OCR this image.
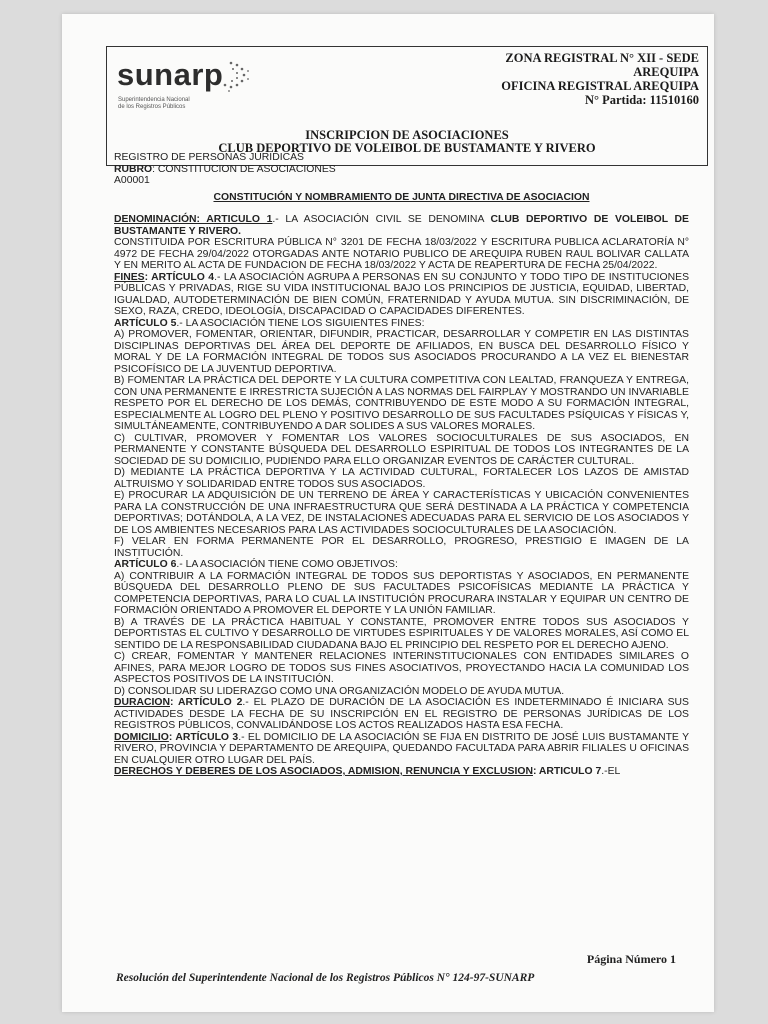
sunarp
Superintendencia Nacional
de los Registros Públicos
ZONA REGISTRAL N° XII - SEDE
AREQUIPA
OFICINA REGISTRAL AREQUIPA
N° Partida: 11510160
INSCRIPCION DE ASOCIACIONES
CLUB DEPORTIVO DE VOLEIBOL DE BUSTAMANTE Y RIVERO

REGISTRO DE PERSONAS JURIDICAS

RUBRO: CONSTITUCION DE ASOCIACIONES

A00001

CONSTITUCIÓN Y NOMBRAMIENTO DE JUNTA DIRECTIVA DE ASOCIACION

DENOMINACIÓN: ARTICULO 1.- LA ASOCIACIÓN CIVIL SE DENOMINA CLUB DEPORTIVO DE VOLEIBOL DE BUSTAMANTE Y RIVERO.

CONSTITUIDA POR ESCRITURA PÚBLICA N° 3201 DE FECHA 18/03/2022 Y ESCRITURA PUBLICA ACLARATORÍA N° 4972 DE FECHA 29/04/2022 OTORGADAS ANTE NOTARIO PUBLICO DE AREQUIPA RUBEN RAUL BOLIVAR CALLATA Y EN MERITO AL ACTA DE FUNDACION DE FECHA 18/03/2022 Y ACTA DE REAPERTURA DE FECHA 25/04/2022.

FINES: ARTÍCULO 4.- LA ASOCIACIÓN AGRUPA A PERSONAS EN SU CONJUNTO Y TODO TIPO DE INSTITUCIONES PÚBLICAS Y PRIVADAS, RIGE SU VIDA INSTITUCIONAL BAJO LOS PRINCIPIOS DE JUSTICIA, EQUIDAD, LIBERTAD, IGUALDAD, AUTODETERMINACIÓN DE BIEN COMÚN, FRATERNIDAD Y AYUDA MUTUA. SIN DISCRIMINACIÓN, DE SEXO, RAZA, CREDO, IDEOLOGÍA, DISCAPACIDAD O CAPACIDADES DIFERENTES.

ARTÍCULO 5.- LA ASOCIACIÓN TIENE LOS SIGUIENTES FINES:

A) PROMOVER, FOMENTAR, ORIENTAR, DIFUNDIR, PRACTICAR, DESARROLLAR Y COMPETIR EN LAS DISTINTAS DISCIPLINAS DEPORTIVAS DEL ÁREA DEL DEPORTE DE AFILIADOS, EN BUSCA DEL DESARROLLO FÍSICO Y MORAL Y DE LA FORMACIÓN INTEGRAL DE TODOS SUS ASOCIADOS PROCURANDO A LA VEZ EL BIENESTAR PSICOFÍSICO DE LA JUVENTUD DEPORTIVA.

B) FOMENTAR LA PRÁCTICA DEL DEPORTE Y LA CULTURA COMPETITIVA CON LEALTAD, FRANQUEZA Y ENTREGA, CON UNA PERMANENTE E IRRESTRICTA SUJECIÓN A LAS NORMAS DEL FAIRPLAY Y MOSTRANDO UN INVARIABLE RESPETO POR EL DERECHO DE LOS DEMÁS, CONTRIBUYENDO DE ESTE MODO A SU FORMACIÓN INTEGRAL, ESPECIALMENTE AL LOGRO DEL PLENO Y POSITIVO DESARROLLO DE SUS FACULTADES PSÍQUICAS Y FÍSICAS Y, SIMULTÁNEAMENTE, CONTRIBUYENDO A DAR SOLIDES A SUS VALORES MORALES.

C) CULTIVAR, PROMOVER Y FOMENTAR LOS VALORES SOCIOCULTURALES DE SUS ASOCIADOS, EN PERMANENTE Y CONSTANTE BÚSQUEDA DEL DESARROLLO ESPIRITUAL DE TODOS LOS INTEGRANTES DE LA SOCIEDAD DE SU DOMICILIO, PUDIENDO PARA ELLO ORGANIZAR EVENTOS DE CARÁCTER CULTURAL.

D) MEDIANTE LA PRÁCTICA DEPORTIVA Y LA ACTIVIDAD CULTURAL, FORTALECER LOS LAZOS DE AMISTAD ALTRUISMO Y SOLIDARIDAD ENTRE TODOS SUS ASOCIADOS.

E) PROCURAR LA ADQUISICIÓN DE UN TERRENO DE ÁREA Y CARACTERÍSTICAS Y UBICACIÓN CONVENIENTES PARA LA CONSTRUCCIÓN DE UNA INFRAESTRUCTURA QUE SERÁ DESTINADA A LA PRÁCTICA Y COMPETENCIA DEPORTIVAS; DOTÁNDOLA, A LA VEZ, DE INSTALACIONES ADECUADAS PARA EL SERVICIO DE LOS ASOCIADOS Y DE LOS AMBIENTES NECESARIOS PARA LAS ACTIVIDADES SOCIOCULTURALES DE LA ASOCIACIÓN.

F) VELAR EN FORMA PERMANENTE POR EL DESARROLLO, PROGRESO, PRESTIGIO E IMAGEN DE LA INSTITUCIÓN.

ARTÍCULO 6.- LA ASOCIACIÓN TIENE COMO OBJETIVOS:

A) CONTRIBUIR A LA FORMACIÓN INTEGRAL DE TODOS SUS DEPORTISTAS Y ASOCIADOS, EN PERMANENTE BÚSQUEDA DEL DESARROLLO PLENO DE SUS FACULTADES PSICOFÍSICAS MEDIANTE LA PRÁCTICA Y COMPETENCIA DEPORTIVAS, PARA LO CUAL LA INSTITUCIÓN PROCURARA INSTALAR Y EQUIPAR UN CENTRO DE FORMACIÓN ORIENTADO A PROMOVER EL DEPORTE Y LA UNIÓN FAMILIAR.

B) A TRAVÉS DE LA PRÁCTICA HABITUAL Y CONSTANTE, PROMOVER ENTRE TODOS SUS ASOCIADOS Y DEPORTISTAS EL CULTIVO Y DESARROLLO DE VIRTUDES ESPIRITUALES Y DE VALORES MORALES, ASÍ COMO EL SENTIDO DE LA RESPONSABILIDAD CIUDADANA BAJO EL PRINCIPIO DEL RESPETO POR EL DERECHO AJENO.

C) CREAR, FOMENTAR Y MANTENER RELACIONES INTERINSTITUCIONALES CON ENTIDADES SIMILARES O AFINES, PARA MEJOR LOGRO DE TODOS SUS FINES ASOCIATIVOS, PROYECTANDO HACIA LA COMUNIDAD LOS ASPECTOS POSITIVOS DE LA INSTITUCIÓN.

D) CONSOLIDAR SU LIDERAZGO COMO UNA ORGANIZACIÓN MODELO DE AYUDA MUTUA.

DURACION: ARTÍCULO 2.- EL PLAZO DE DURACIÓN DE LA ASOCIACIÓN ES INDETERMINADO É INICIARA SUS ACTIVIDADES DESDE LA FECHA DE SU INSCRIPCIÓN EN EL REGISTRO DE PERSONAS JURÍDICAS DE LOS REGISTROS PÚBLICOS, CONVALIDÁNDOSE LOS ACTOS REALIZADOS HASTA ESA FECHA.

DOMICILIO: ARTÍCULO 3.- EL DOMICILIO DE LA ASOCIACIÓN SE FIJA EN DISTRITO DE JOSÉ LUIS BUSTAMANTE Y RIVERO, PROVINCIA Y DEPARTAMENTO DE AREQUIPA, QUEDANDO FACULTADA PARA ABRIR FILIALES U OFICINAS EN CUALQUIER OTRO LUGAR DEL PAÍS.

DERECHOS Y DEBERES DE LOS ASOCIADOS, ADMISION, RENUNCIA Y EXCLUSION: ARTICULO 7.-EL

Página Número 1
Resolución del Superintendente Nacional de los Registros Públicos N° 124-97-SUNARP
